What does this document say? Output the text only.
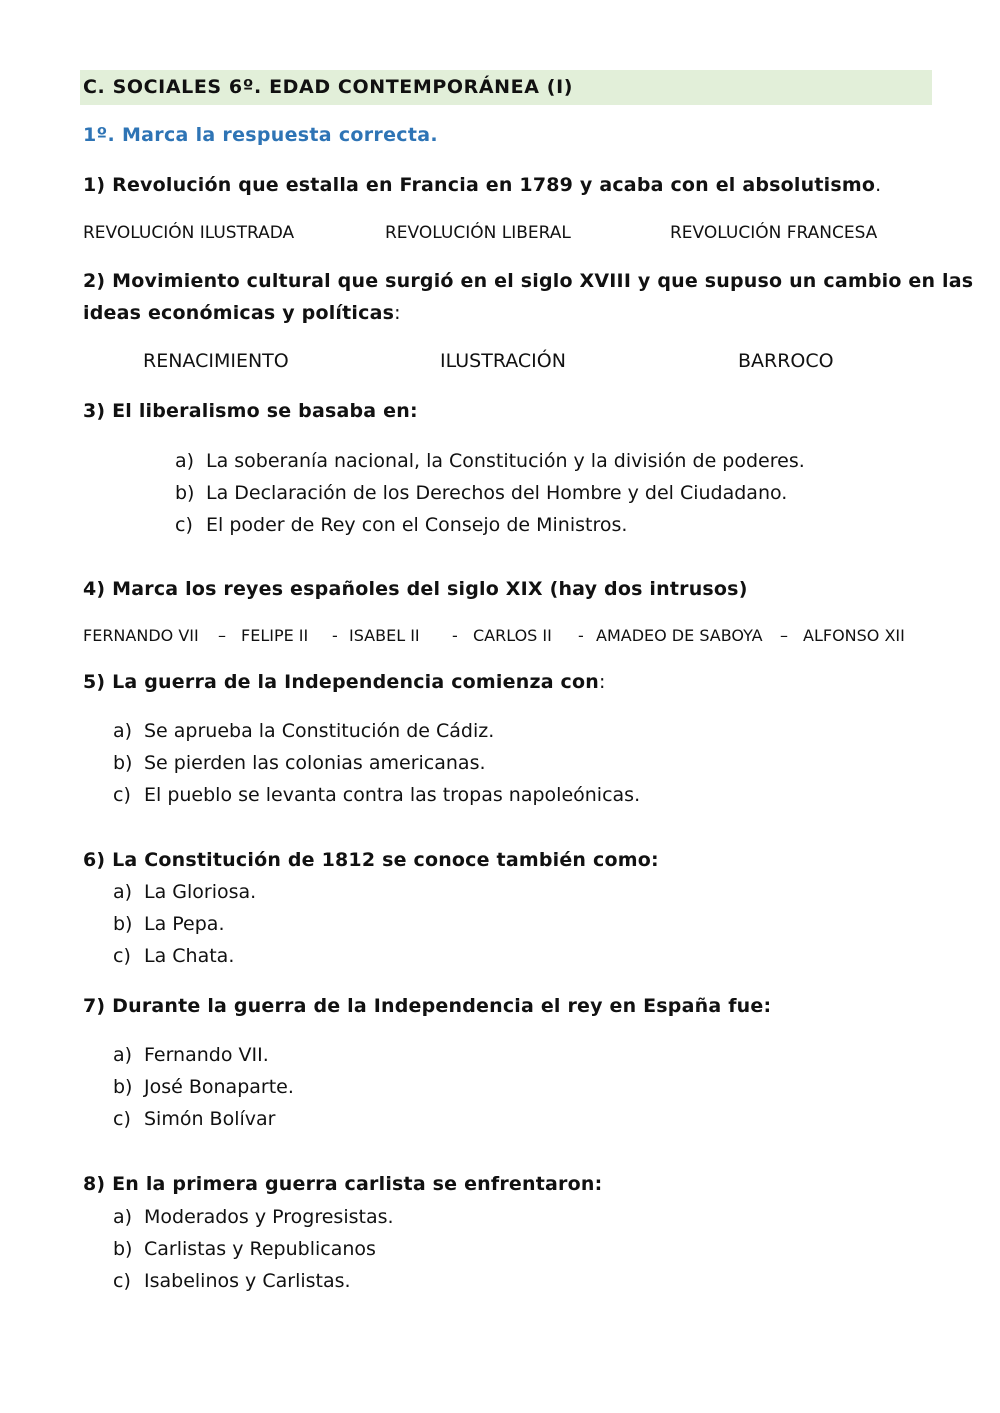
C. SOCIALES 6º. EDAD CONTEMPORÁNEA (I)
1º. Marca la respuesta correcta.
1) Revolución que estalla en Francia en 1789 y acaba con el absolutismo.
REVOLUCIÓN ILUSTRADA	REVOLUCIÓN LIBERAL	REVOLUCIÓN FRANCESA
2) Movimiento cultural que surgió en el siglo XVIII y que supuso un cambio en las
ideas económicas y políticas:
RENACIMIENTO	ILUSTRACIÓN	BARROCO
3) El liberalismo se basaba en:
a) La soberanía nacional, la Constitución y la división de poderes.
b) La Declaración de los Derechos del Hombre y del Ciudadano.
c) El poder de Rey con el Consejo de Ministros.
4) Marca los reyes españoles del siglo XIX (hay dos intrusos)
FERNANDO VII – FELIPE II - ISABEL II - CARLOS II - AMADEO DE SABOYA – ALFONSO XII
5) La guerra de la Independencia comienza con:
a) Se aprueba la Constitución de Cádiz.
b) Se pierden las colonias americanas.
c) El pueblo se levanta contra las tropas napoleónicas.
6) La Constitución de 1812 se conoce también como:
a) La Gloriosa.
b) La Pepa.
c) La Chata.
7) Durante la guerra de la Independencia el rey en España fue:
a) Fernando VII.
b) José Bonaparte.
c) Simón Bolívar
8) En la primera guerra carlista se enfrentaron:
a) Moderados y Progresistas.
b) Carlistas y Republicanos
c) Isabelinos y Carlistas.
